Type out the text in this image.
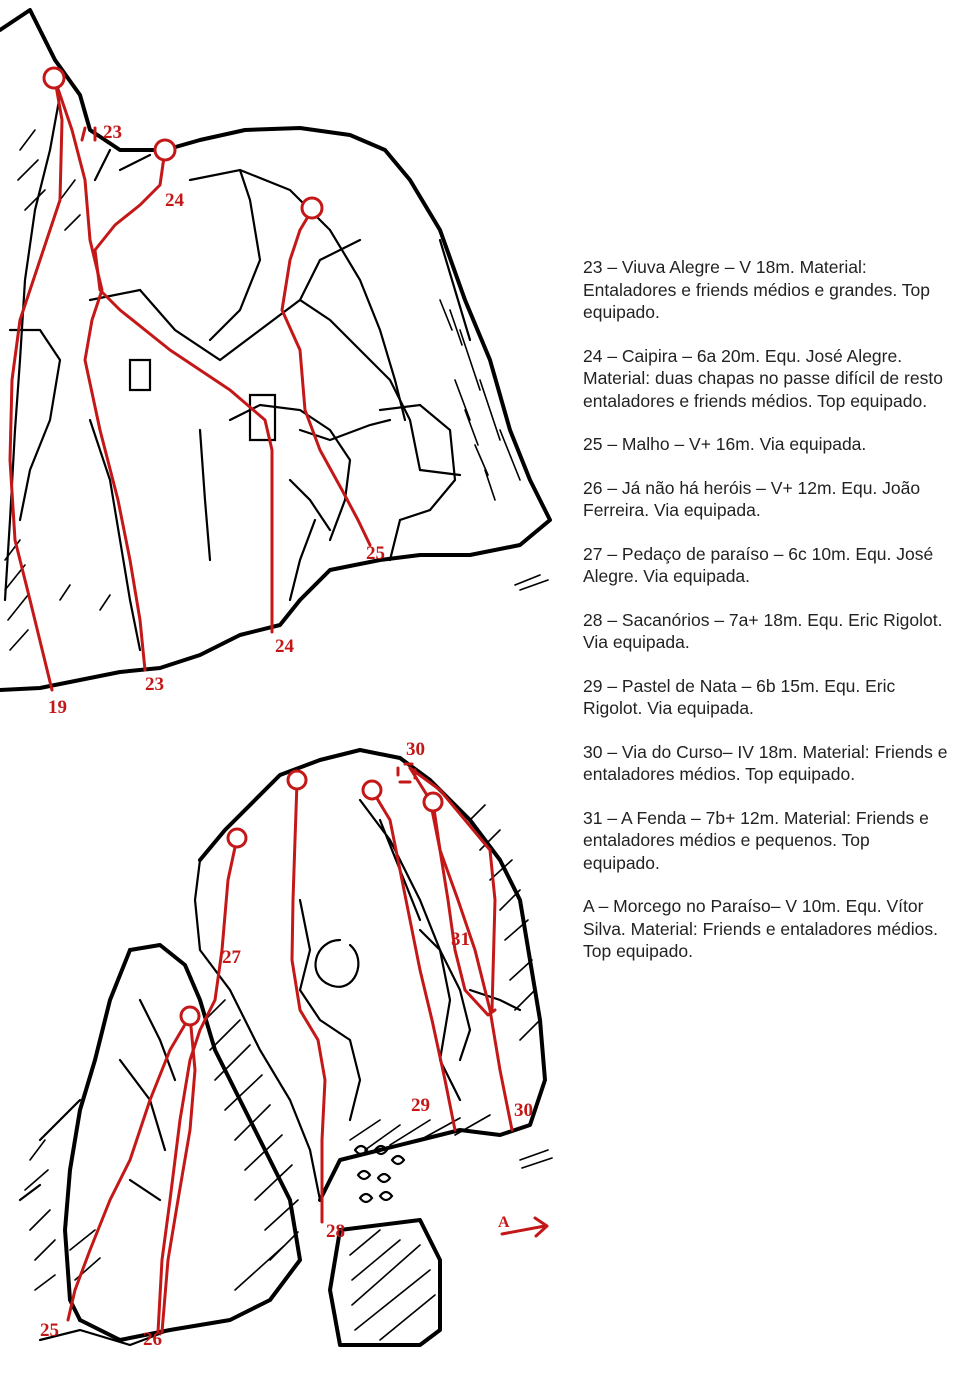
19
23
23
24
24
25
27
30
31
29	30
28
25	26
A

23 – Viuva Alegre – V 18m. Material: Entaladores e friends médios e grandes. Top equipado.

24 – Caipira – 6a 20m. Equ. José Alegre. Material: duas chapas no passe difícil de resto entaladores e friends médios. Top equipado.

25 – Malho – V+ 16m. Via equipada.

26 – Já não há heróis – V+ 12m. Equ. João Ferreira. Via equipada.

27 – Pedaço de paraíso – 6c 10m. Equ. José Alegre. Via equipada.

28 – Sacanórios – 7a+ 18m. Equ. Eric Rigolot. Via equipada.

29 – Pastel de Nata – 6b 15m. Equ. Eric Rigolot. Via equipada.

30 – Via do Curso– IV 18m. Material: Friends e entaladores médios. Top equipado.

31 – A Fenda – 7b+ 12m. Material: Friends e entaladores médios e pequenos. Top equipado.

A – Morcego no Paraíso– V 10m. Equ. Vítor Silva. Material: Friends e entaladores médios. Top equipado.
